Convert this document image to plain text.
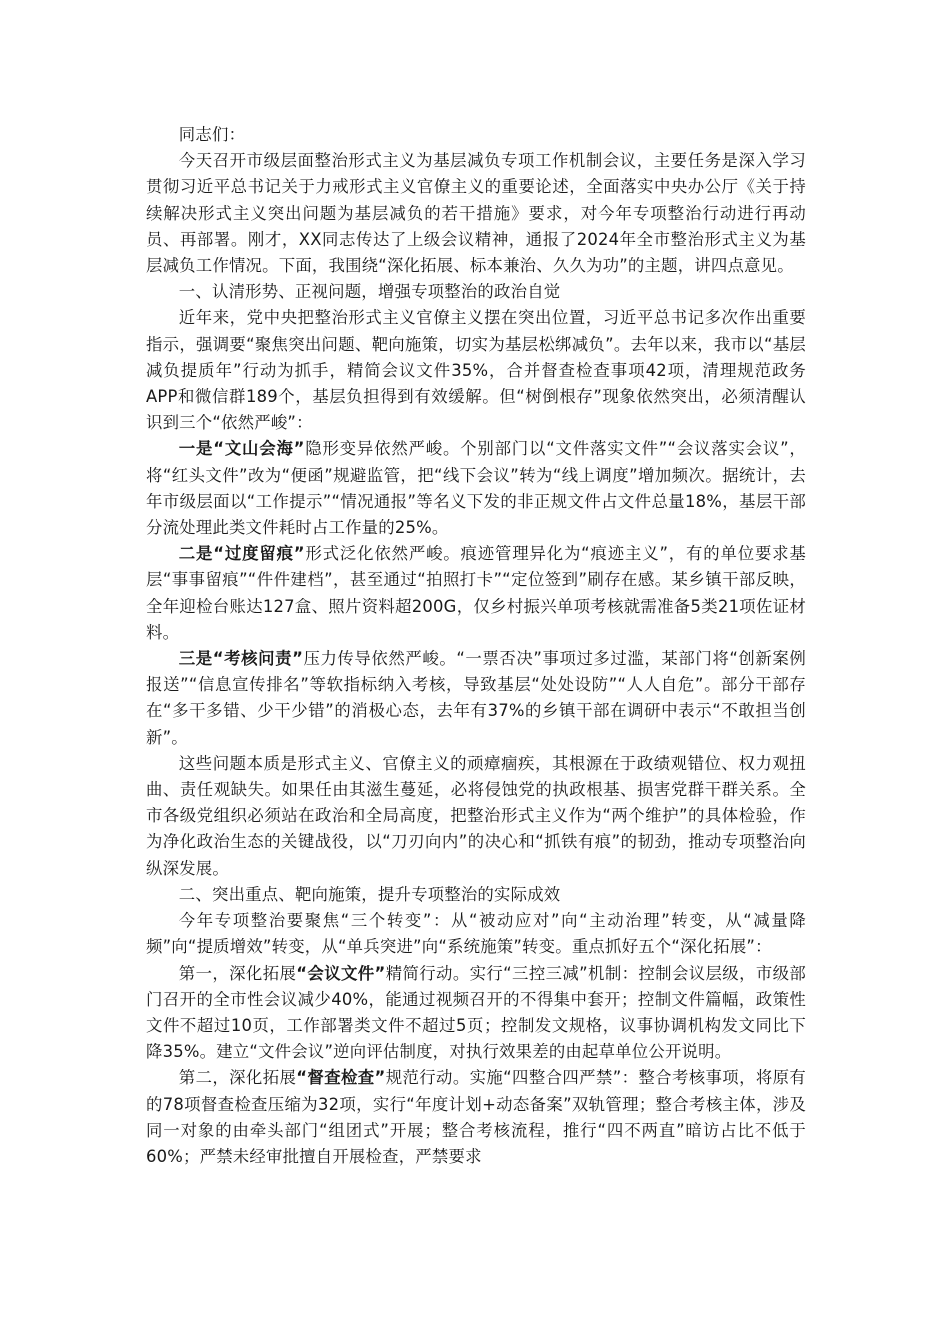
同志们：

今天召开市级层面整治形式主义为基层减负专项工作机制会议，主要任务是深入学习贯彻习近平总书记关于力戒形式主义官僚主义的重要论述，全面落实中央办公厅《关于持续解决形式主义突出问题为基层减负的若干措施》要求，对今年专项整治行动进行再动员、再部署。刚才，XX同志传达了上级会议精神，通报了2024年全市整治形式主义为基层减负工作情况。下面，我围绕“深化拓展、标本兼治、久久为功”的主题，讲四点意见。

一、认清形势、正视问题，增强专项整治的政治自觉

近年来，党中央把整治形式主义官僚主义摆在突出位置，习近平总书记多次作出重要指示，强调要“聚焦突出问题、靶向施策，切实为基层松绑减负”。去年以来，我市以“基层减负提质年”行动为抓手，精简会议文件35%，合并督查检查事项42项，清理规范政务APP和微信群189个，基层负担得到有效缓解。但“树倒根存”现象依然突出，必须清醒认识到三个“依然严峻”：

一是“文山会海”隐形变异依然严峻。个别部门以“文件落实文件”“会议落实会议”，将“红头文件”改为“便函”规避监管，把“线下会议”转为“线上调度”增加频次。据统计，去年市级层面以“工作提示”“情况通报”等名义下发的非正规文件占文件总量18%，基层干部分流处理此类文件耗时占工作量的25%。

二是“过度留痕”形式泛化依然严峻。痕迹管理异化为“痕迹主义”，有的单位要求基层“事事留痕”“件件建档”，甚至通过“拍照打卡”“定位签到”刷存在感。某乡镇干部反映，全年迎检台账达127盒、照片资料超200G，仅乡村振兴单项考核就需准备5类21项佐证材料。

三是“考核问责”压力传导依然严峻。“一票否决”事项过多过滥，某部门将“创新案例报送”“信息宣传排名”等软指标纳入考核，导致基层“处处设防”“人人自危”。部分干部存在“多干多错、少干少错”的消极心态，去年有37%的乡镇干部在调研中表示“不敢担当创新”。

这些问题本质是形式主义、官僚主义的顽瘴痼疾，其根源在于政绩观错位、权力观扭曲、责任观缺失。如果任由其滋生蔓延，必将侵蚀党的执政根基、损害党群干群关系。全市各级党组织必须站在政治和全局高度，把整治形式主义作为“两个维护”的具体检验，作为净化政治生态的关键战役，以“刀刃向内”的决心和“抓铁有痕”的韧劲，推动专项整治向纵深发展。

二、突出重点、靶向施策，提升专项整治的实际成效

今年专项整治要聚焦“三个转变”：从“被动应对”向“主动治理”转变，从“减量降频”向“提质增效”转变，从“单兵突进”向“系统施策”转变。重点抓好五个“深化拓展”：

第一，深化拓展“会议文件”精简行动。实行“三控三减”机制：控制会议层级，市级部门召开的全市性会议减少40%，能通过视频召开的不得集中套开；控制文件篇幅，政策性文件不超过10页，工作部署类文件不超过5页；控制发文规格，议事协调机构发文同比下降35%。建立“文件会议”逆向评估制度，对执行效果差的由起草单位公开说明。

第二，深化拓展“督查检查”规范行动。实施“四整合四严禁”：整合考核事项，将原有的78项督查检查压缩为32项，实行“年度计划+动态备案”双轨管理；整合考核主体，涉及同一对象的由牵头部门“组团式”开展；整合考核流程，推行“四不两直”暗访占比不低于60%；严禁未经审批擅自开展检查，严禁要求
